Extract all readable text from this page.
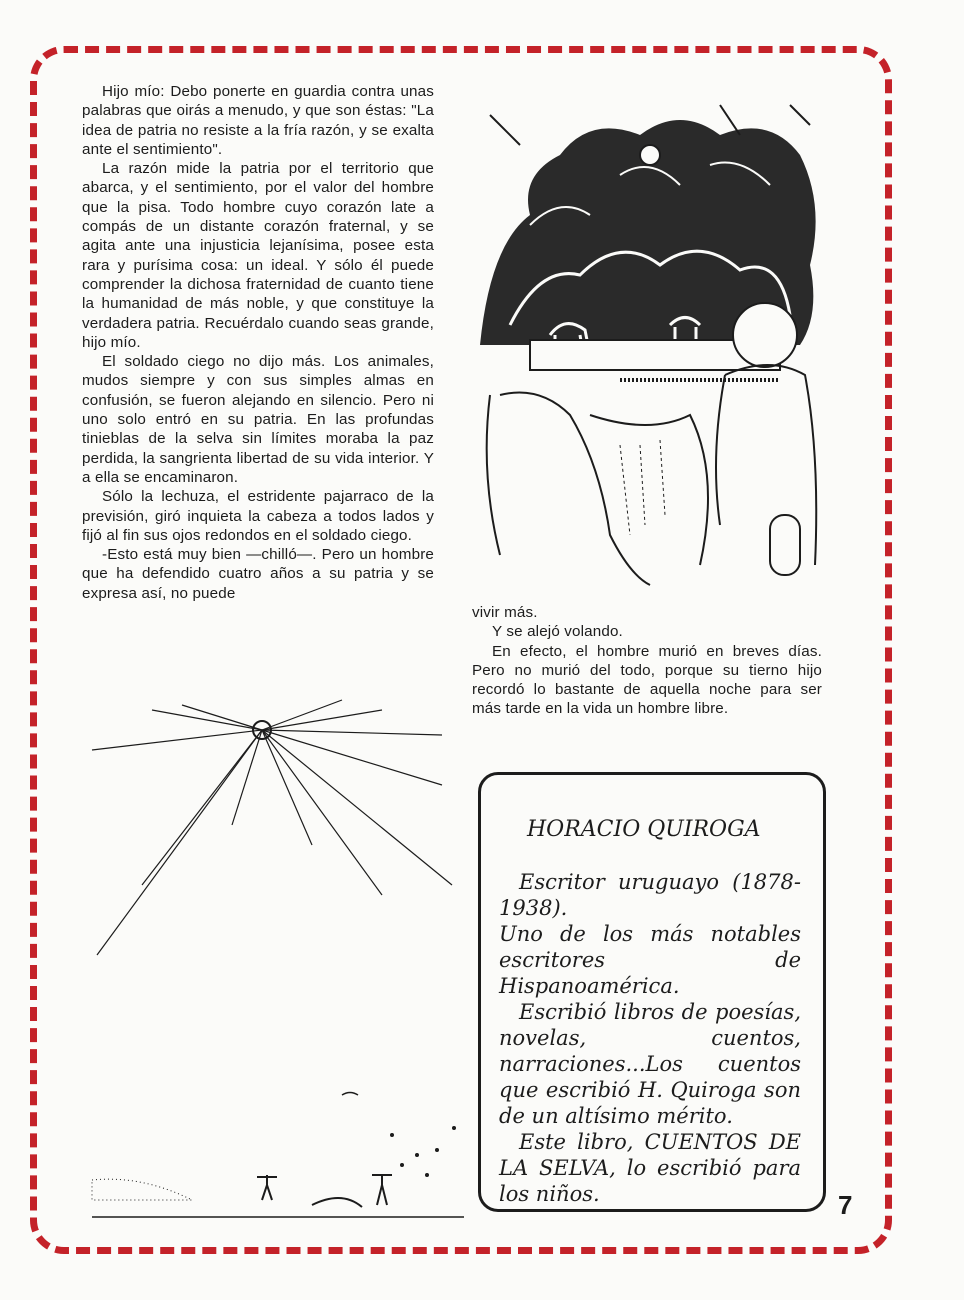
Hijo mío: Debo ponerte en guardia contra unas palabras que oirás a menudo, y que son éstas: "La idea de patria no resiste a la fría razón, y se exalta ante el sentimiento".

La razón mide la patria por el territorio que abarca, y el sentimiento, por el valor del hombre que la pisa. Todo hombre cuyo corazón late a compás de un distante corazón fraternal, y se agita ante una injusticia lejanísima, posee esta rara y purísima cosa: un ideal. Y sólo él puede comprender la dichosa fraternidad de cuanto tiene la humanidad de más noble, y que constituye la verdadera patria. Recuérdalo cuando seas grande, hijo mío.

El soldado ciego no dijo más. Los animales, mudos siempre y con sus simples almas en confusión, se fueron alejando en silencio. Pero ni uno solo entró en su patria. En las profundas tinieblas de la selva sin límites moraba la paz perdida, la sangrienta libertad de su vida interior. Y a ella se encaminaron.

Sólo la lechuza, el estridente pajarraco de la previsión, giró inquieta la cabeza a todos lados y fijó al fin sus ojos redondos en el soldado ciego.

-Esto está muy bien —chilló—. Pero un hombre que ha defendido cuatro años a su patria y se expresa así, no puede

vivir más.

Y se alejó volando.

En efecto, el hombre murió en breves días. Pero no murió del todo, porque su tierno hijo recordó lo bastante de aquella noche para ser más tarde en la vida un hombre libre.

HORACIO QUIROGA

Escritor uruguayo (1878-1938).

Uno de los más notables escritores de Hispanoamérica.

Escribió libros de poesías, novelas, cuentos, narraciones...Los cuentos que escribió H. Quiroga son de un altísimo mérito.

Este libro, CUENTOS DE LA SELVA, lo escribió para los niños.	7
